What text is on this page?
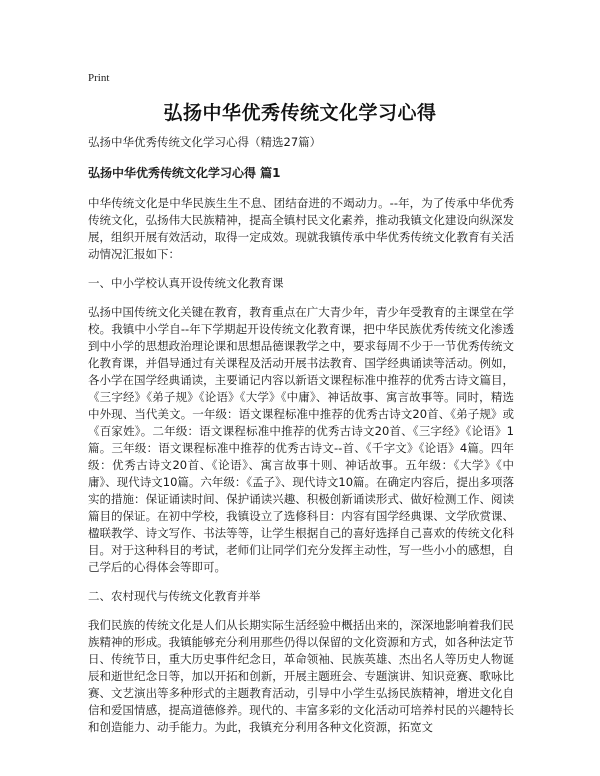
Print
弘扬中华优秀传统文化学习心得

弘扬中华优秀传统文化学习心得（精选27篇）

弘扬中华优秀传统文化学习心得 篇1

中华传统文化是中华民族生生不息、团结奋进的不竭动力。--年，为了传承中华优秀传统文化，弘扬伟大民族精神，提高全镇村民文化素养，推动我镇文化建设向纵深发展，组织开展有效活动，取得一定成效。现就我镇传承中华优秀传统文化教育有关活动情况汇报如下：

一、中小学校认真开设传统文化教育课

弘扬中国传统文化关键在教育，教育重点在广大青少年，青少年受教育的主课堂在学校。我镇中小学自--年下学期起开设传统文化教育课，把中华民族优秀传统文化渗透到中小学的思想政治理论课和思想品德课教学之中，要求每周不少于一节优秀传统文化教育课，并倡导通过有关课程及活动开展书法教育、国学经典诵读等活动。例如，各小学在国学经典诵读，主要诵记内容以新语文课程标准中推荐的优秀古诗文篇目，《三字经》《弟子规》《论语》《大学》《中庸》、神话故事、寓言故事等。同时，精选中外现、当代美文。一年级：语文课程标准中推荐的优秀古诗文20首、《弟子规》或《百家姓》。二年级：语文课程标准中推荐的优秀古诗文20首、《三字经》《论语》1篇。三年级：语文课程标准中推荐的优秀古诗文--首、《千字文》《论语》4篇。四年级：优秀古诗文20首、《论语》、寓言故事十则、神话故事。五年级：《大学》《中庸》、现代诗文10篇。六年级：《孟子》、现代诗文10篇。在确定内容后，提出多项落实的措施：保证诵读时间、保护诵读兴趣、积极创新诵读形式、做好检测工作、阅读篇目的保证。在初中学校，我镇设立了选修科目：内容有国学经典课、文学欣赏课、楹联教学、诗文写作、书法等等，让学生根据自己的喜好选择自己喜欢的传统文化科目。对于这种科目的考试，老师们让同学们充分发挥主动性，写一些小小的感想，自己学后的心得体会等即可。

二、农村现代与传统文化教育并举

我们民族的传统文化是人们从长期实际生活经验中概括出来的，深深地影响着我们民族精神的形成。我镇能够充分利用那些仍得以保留的文化资源和方式，如各种法定节日、传统节日，重大历史事件纪念日，革命领袖、民族英雄、杰出名人等历史人物诞辰和逝世纪念日等，加以开拓和创新，开展主题班会、专题演讲、知识竞赛、歌咏比赛、文艺演出等多种形式的主题教育活动，引导中小学生弘扬民族精神，增进文化自信和爱国情感，提高道德修养。现代的、丰富多彩的文化活动可培养村民的兴趣特长和创造能力、动手能力。为此，我镇充分利用各种文化资源，拓宽文
